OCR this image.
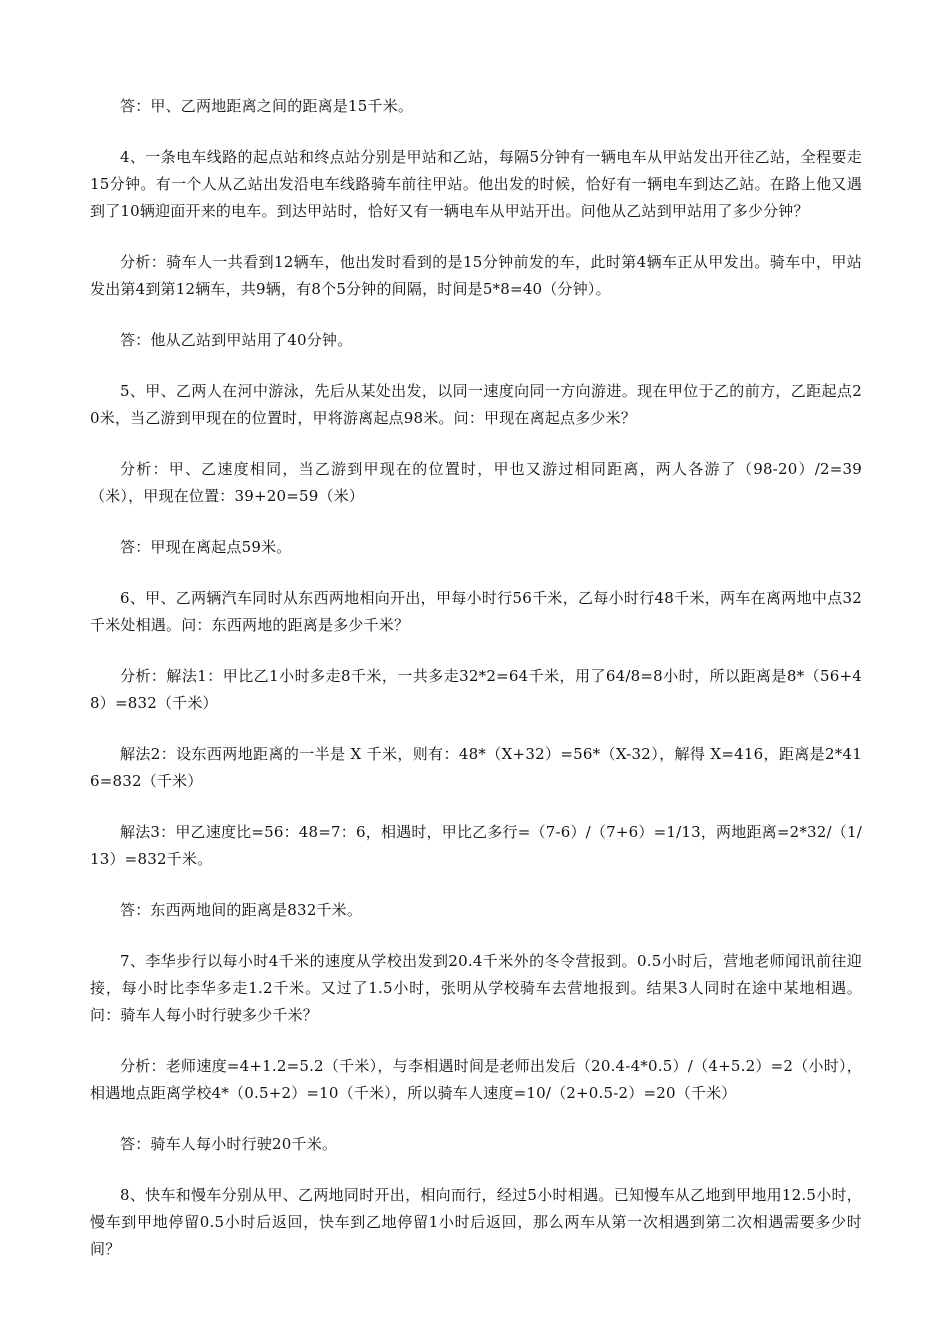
答：甲、乙两地距离之间的距离是15千米。

4、一条电车线路的起点站和终点站分别是甲站和乙站，每隔5分钟有一辆电车从甲站发出开往乙站，全程要走15分钟。有一个人从乙站出发沿电车线路骑车前往甲站。他出发的时候，恰好有一辆电车到达乙站。在路上他又遇到了10辆迎面开来的电车。到达甲站时，恰好又有一辆电车从甲站开出。问他从乙站到甲站用了多少分钟？

分析：骑车人一共看到12辆车，他出发时看到的是15分钟前发的车，此时第4辆车正从甲发出。骑车中，甲站发出第4到第12辆车，共9辆，有8个5分钟的间隔，时间是5*8=40（分钟）。

答：他从乙站到甲站用了40分钟。

5、甲、乙两人在河中游泳，先后从某处出发，以同一速度向同一方向游进。现在甲位于乙的前方，乙距起点20米，当乙游到甲现在的位置时，甲将游离起点98米。问：甲现在离起点多少米？

分析：甲、乙速度相同，当乙游到甲现在的位置时，甲也又游过相同距离，两人各游了（98-20）/2=39（米），甲现在位置：39+20=59（米）

答：甲现在离起点59米。

6、甲、乙两辆汽车同时从东西两地相向开出，甲每小时行56千米，乙每小时行48千米，两车在离两地中点32千米处相遇。问：东西两地的距离是多少千米？

分析：解法1：甲比乙1小时多走8千米，一共多走32*2=64千米，用了64/8=8小时，所以距离是8*（56+48）=832（千米）

解法2：设东西两地距离的一半是 X 千米，则有：48*（X+32）=56*（X-32），解得 X=416，距离是2*416=832（千米）

解法3：甲乙速度比=56：48=7：6，相遇时，甲比乙多行=（7-6）/（7+6）=1/13，两地距离=2*32/（1/13）=832千米。

答：东西两地间的距离是832千米。

7、李华步行以每小时4千米的速度从学校出发到20.4千米外的冬令营报到。0.5小时后，营地老师闻讯前往迎接，每小时比李华多走1.2千米。又过了1.5小时，张明从学校骑车去营地报到。结果3人同时在途中某地相遇。问：骑车人每小时行驶多少千米？

分析：老师速度=4+1.2=5.2（千米），与李相遇时间是老师出发后（20.4-4*0.5）/（4+5.2）=2（小时），相遇地点距离学校4*（0.5+2）=10（千米），所以骑车人速度=10/（2+0.5-2）=20（千米）

答：骑车人每小时行驶20千米。

8、快车和慢车分别从甲、乙两地同时开出，相向而行，经过5小时相遇。已知慢车从乙地到甲地用12.5小时，慢车到甲地停留0.5小时后返回，快车到乙地停留1小时后返回，那么两车从第一次相遇到第二次相遇需要多少时间？
